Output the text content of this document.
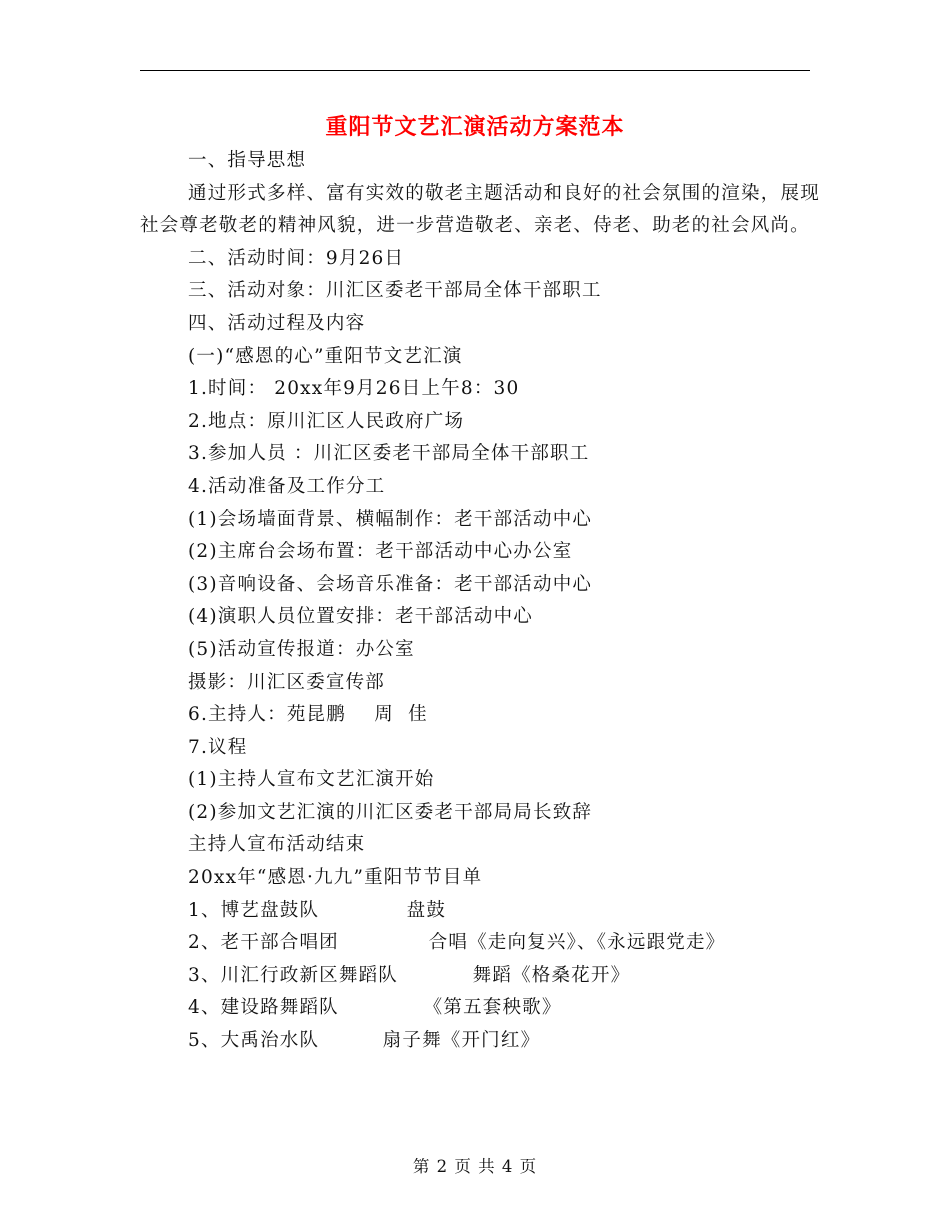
重阳节文艺汇演活动方案范本
一、指导思想
通过形式多样、富有实效的敬老主题活动和良好的社会氛围的渲染，展现社会尊老敬老的精神风貌，进一步营造敬老、亲老、侍老、助老的社会风尚。
二、活动时间：9月26日
三、活动对象：川汇区委老干部局全体干部职工
四、活动过程及内容
(一)“感恩的心”重阳节文艺汇演
1.时间： 20xx年9月26日上午8：30
2.地点：原川汇区人民政府广场
3.参加人员 ：川汇区委老干部局全体干部职工
4.活动准备及工作分工
(1)会场墙面背景、横幅制作：老干部活动中心
(2)主席台会场布置：老干部活动中心办公室
(3)音响设备、会场音乐准备：老干部活动中心
(4)演职人员位置安排：老干部活动中心
(5)活动宣传报道：办公室
摄影：川汇区委宣传部
6.主持人：苑昆鹏    周  佳
7.议程
(1)主持人宣布文艺汇演开始
(2)参加文艺汇演的川汇区委老干部局局长致辞
主持人宣布活动结束
20xx年“感恩·九九”重阳节节目单
1、博艺盘鼓队	盘鼓
2、老干部合唱团	合唱《走向复兴》、《永远跟党走》
3、川汇行政新区舞蹈队	舞蹈《格桑花开》
4、建设路舞蹈队	《第五套秧歌》
5、大禹治水队	扇子舞《开门红》
第 2 页 共 4 页
